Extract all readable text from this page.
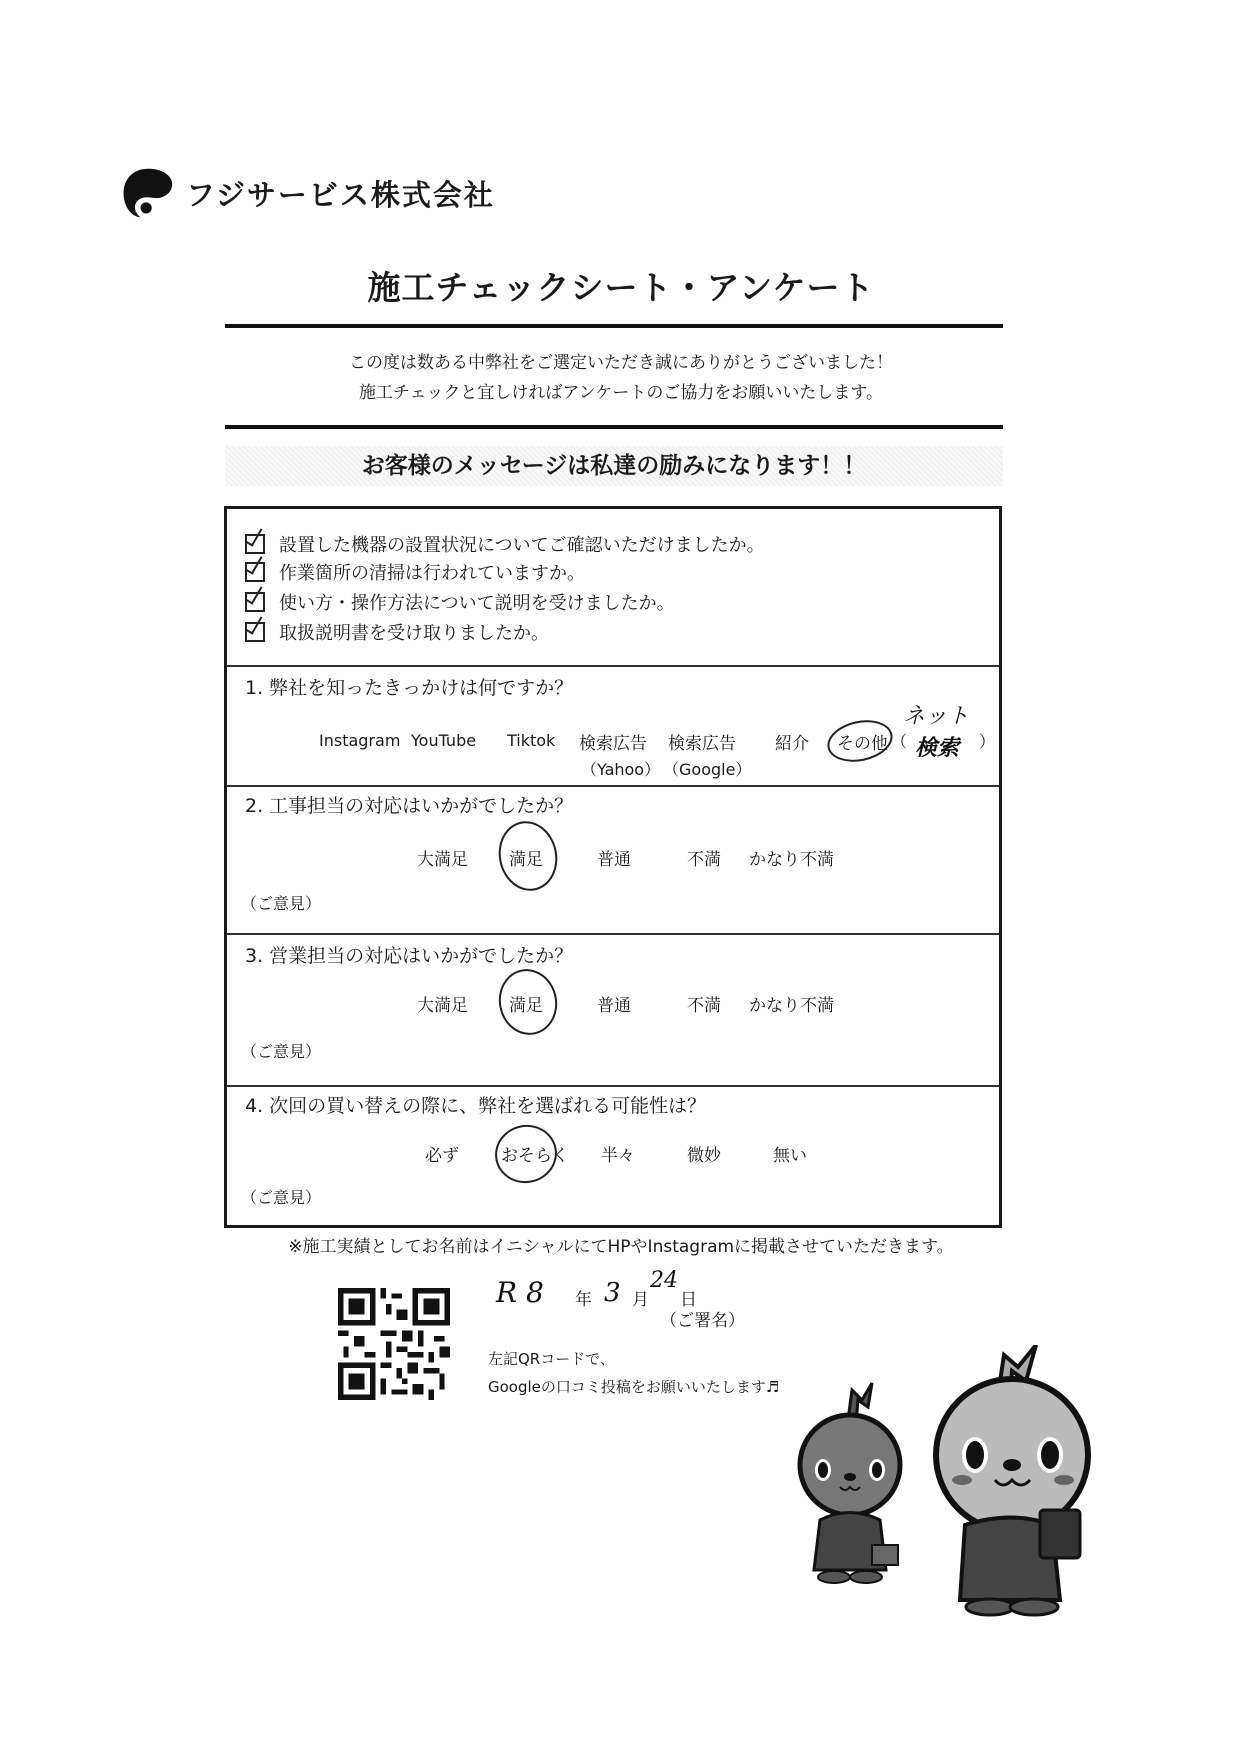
フジサービス株式会社
施工チェックシート・アンケート
この度は数ある中弊社をご選定いただき誠にありがとうございました！
施工チェックと宜しければアンケートのご協力をお願いいたします。
お客様のメッセージは私達の励みになります！！
設置した機器の設置状況についてご確認いただけましたか。
作業箇所の清掃は行われていますか。
使い方・操作方法について説明を受けましたか。
取扱説明書を受け取りましたか。
1. 弊社を知ったきっかけは何ですか？
Instagram YouTube Tiktok 検索広告
（Yahoo）
検索広告
（Google）
紹介 その他 （
ネット
検索 ）
2. 工事担当の対応はいかがでしたか？
大満足 満足	普通	不満 かなり不満
（ご意見）
3. 営業担当の対応はいかがでしたか？
大満足 満足	普通	不満 かなり不満
（ご意見）
4. 次回の買い替えの際に、弊社を選ばれる可能性は？
必ず おそらく 半々	微妙	無い
（ご意見）
※施工実績としてお名前はイニシャルにてHPやInstagramに掲載させていただきます。
R 8 年 3 月
24
日
（ご署名）
左記QRコードで、
Googleの口コミ投稿をお願いいたします♬
